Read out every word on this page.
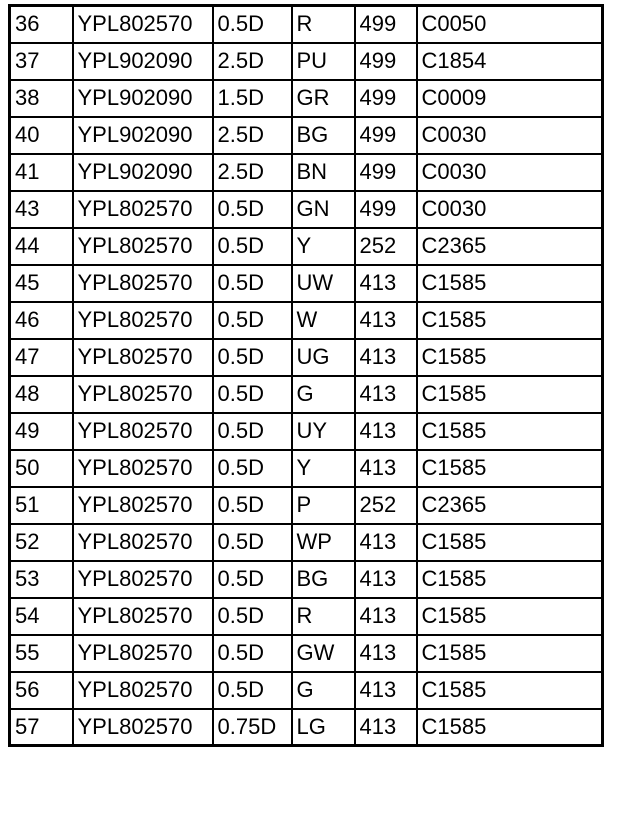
36	YPL802570	0.5D	R	499	C0050
37	YPL902090	2.5D	PU	499	C1854
38	YPL902090	1.5D	GR	499	C0009
40	YPL902090	2.5D	BG	499	C0030
41	YPL902090	2.5D	BN	499	C0030
43	YPL802570	0.5D	GN	499	C0030
44	YPL802570	0.5D	Y	252	C2365
45	YPL802570	0.5D	UW	413	C1585
46	YPL802570	0.5D	W	413	C1585
47	YPL802570	0.5D	UG	413	C1585
48	YPL802570	0.5D	G	413	C1585
49	YPL802570	0.5D	UY	413	C1585
50	YPL802570	0.5D	Y	413	C1585
51	YPL802570	0.5D	P	252	C2365
52	YPL802570	0.5D	WP	413	C1585
53	YPL802570	0.5D	BG	413	C1585
54	YPL802570	0.5D	R	413	C1585
55	YPL802570	0.5D	GW	413	C1585
56	YPL802570	0.5D	G	413	C1585
57	YPL802570	0.75D	LG	413	C1585
